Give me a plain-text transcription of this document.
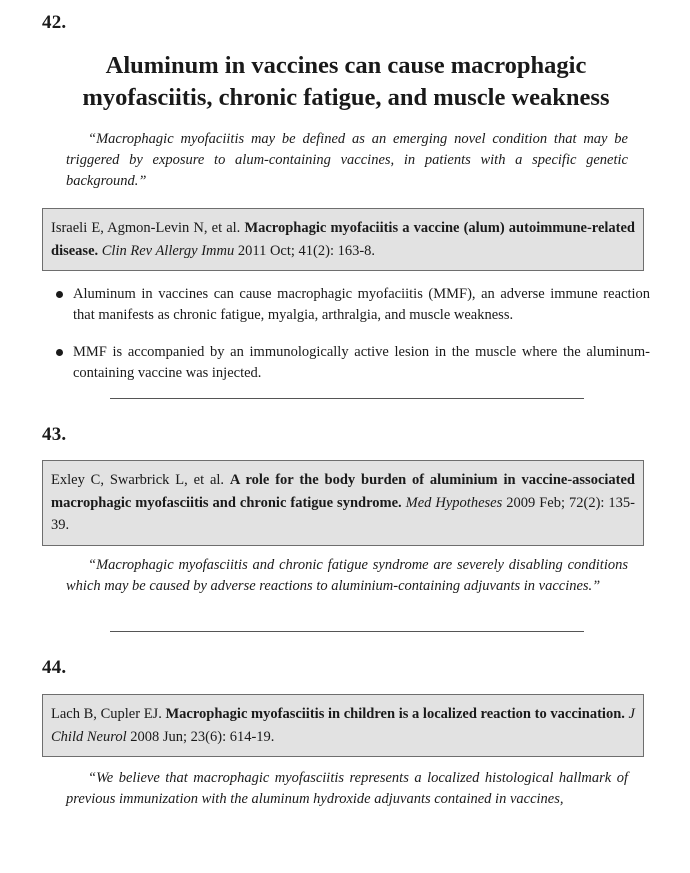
42.
Aluminum in vaccines can cause macrophagic myofasciitis, chronic fatigue, and muscle weakness
“Macrophagic myofaciitis may be defined as an emerging novel condition that may be triggered by exposure to alum-containing vaccines, in patients with a specific genetic background.”
Israeli E, Agmon-Levin N, et al. Macrophagic myofaciitis a vaccine (alum) autoimmune-related disease. Clin Rev Allergy Immu 2011 Oct; 41(2): 163-8.
Aluminum in vaccines can cause macrophagic myofaciitis (MMF), an adverse immune reaction that manifests as chronic fatigue, myalgia, arthralgia, and muscle weakness.
MMF is accompanied by an immunologically active lesion in the muscle where the aluminum-containing vaccine was injected.
43.
Exley C, Swarbrick L, et al. A role for the body burden of aluminium in vaccine-associated macrophagic myofasciitis and chronic fatigue syndrome. Med Hypotheses 2009 Feb; 72(2): 135-39.
“Macrophagic myofasciitis and chronic fatigue syndrome are severely disabling conditions which may be caused by adverse reactions to aluminium-containing adjuvants in vaccines.”
44.
Lach B, Cupler EJ. Macrophagic myofasciitis in children is a localized reaction to vaccination. J Child Neurol 2008 Jun; 23(6): 614-19.
“We believe that macrophagic myofasciitis represents a localized histological hallmark of previous immunization with the aluminum hydroxide adjuvants contained in vaccines,
